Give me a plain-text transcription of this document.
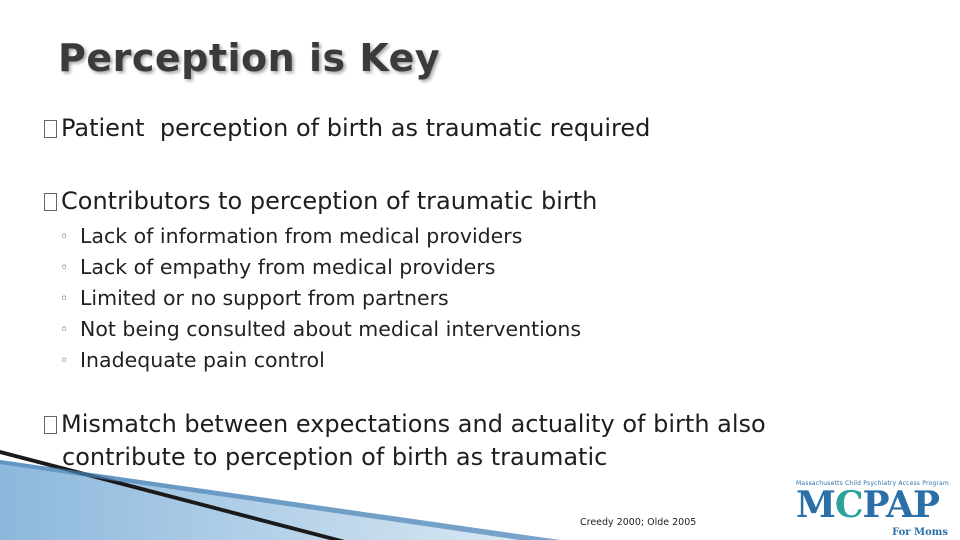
Perception is Key
Patient  perception of birth as traumatic required
Contributors to perception of traumatic birth
◦ Lack of information from medical providers
◦ Lack of empathy from medical providers
◦ Limited or no support from partners
◦ Not being consulted about medical interventions
◦ Inadequate pain control
Mismatch between expectations and actuality of birth also
contribute to perception of birth as traumatic
Creedy 2000; Olde 2005
Massachusetts Child Psychiatry Access Program
MCPAP
For Moms
